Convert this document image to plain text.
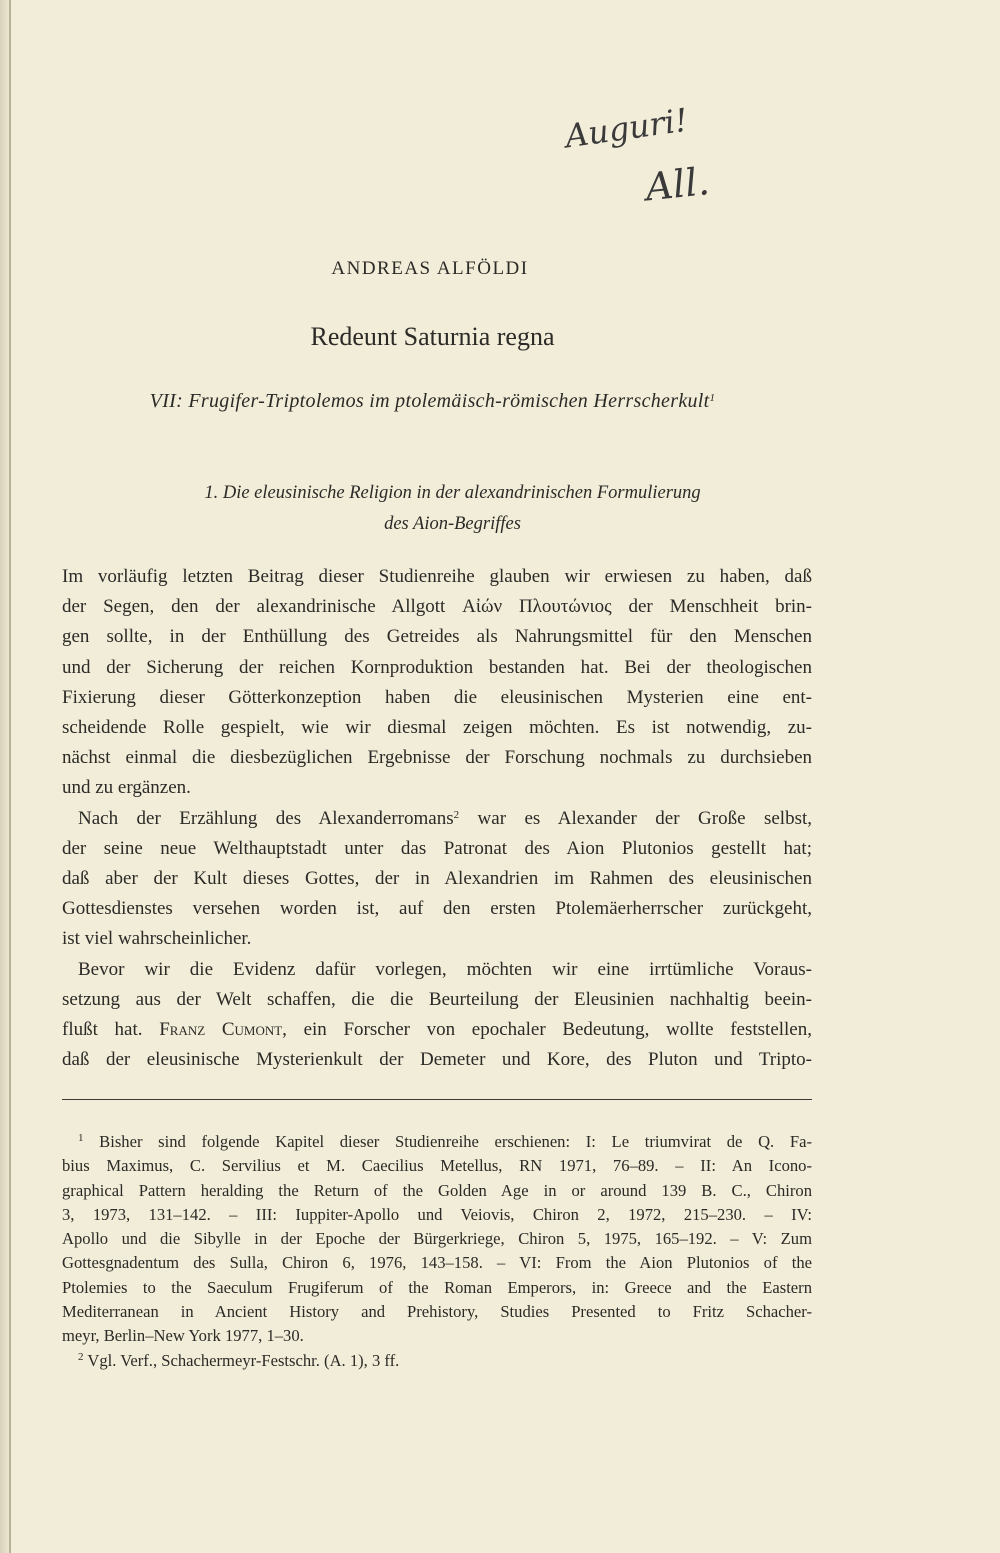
Auguri!
All.
ANDREAS ALFÖLDI
Redeunt Saturnia regna
VII: Frugifer-Triptolemos im ptolemäisch-römischen Herrscherkult$^1$
1. Die eleusinische Religion in der alexandrinischen Formulierung
des Aion-Begriffes
Im vorläufig letzten Beitrag dieser Studienreihe glauben wir erwiesen zu haben, daß
der Segen, den der alexandrinische Allgott Αἰών Πλουτώνιος der Menschheit brin-
gen sollte, in der Enthüllung des Getreides als Nahrungsmittel für den Menschen
und der Sicherung der reichen Kornproduktion bestanden hat. Bei der theologischen
Fixierung dieser Götterkonzeption haben die eleusinischen Mysterien eine ent-
scheidende Rolle gespielt, wie wir diesmal zeigen möchten. Es ist notwendig, zu-
nächst einmal die diesbezüglichen Ergebnisse der Forschung nochmals zu durchsieben
und zu ergänzen.
Nach der Erzählung des Alexanderromans$^2$ war es Alexander der Große selbst,
der seine neue Welthauptstadt unter das Patronat des Aion Plutonios gestellt hat;
daß aber der Kult dieses Gottes, der in Alexandrien im Rahmen des eleusinischen
Gottesdienstes versehen worden ist, auf den ersten Ptolemäerherrscher zurückgeht,
ist viel wahrscheinlicher.
Bevor wir die Evidenz dafür vorlegen, möchten wir eine irrtümliche Voraus-
setzung aus der Welt schaffen, die die Beurteilung der Eleusinien nachhaltig beein-
flußt hat. Franz Cumont, ein Forscher von epochaler Bedeutung, wollte feststellen,
daß der eleusinische Mysterienkult der Demeter und Kore, des Pluton und Tripto-
$^1$ Bisher sind folgende Kapitel dieser Studienreihe erschienen: I: Le triumvirat de Q. Fa-
bius Maximus, C. Servilius et M. Caecilius Metellus, RN 1971, 76–89. – II: An Icono-
graphical Pattern heralding the Return of the Golden Age in or around 139 B. C., Chiron
3, 1973, 131–142. – III: Iuppiter-Apollo und Veiovis, Chiron 2, 1972, 215–230. – IV:
Apollo und die Sibylle in der Epoche der Bürgerkriege, Chiron 5, 1975, 165–192. – V: Zum
Gottesgnadentum des Sulla, Chiron 6, 1976, 143–158. – VI: From the Aion Plutonios of the
Ptolemies to the Saeculum Frugiferum of the Roman Emperors, in: Greece and the Eastern
Mediterranean in Ancient History and Prehistory, Studies Presented to Fritz Schacher-
meyr, Berlin–New York 1977, 1–30.
$^2$ Vgl. Verf., Schachermeyr-Festschr. (A. 1), 3 ff.
